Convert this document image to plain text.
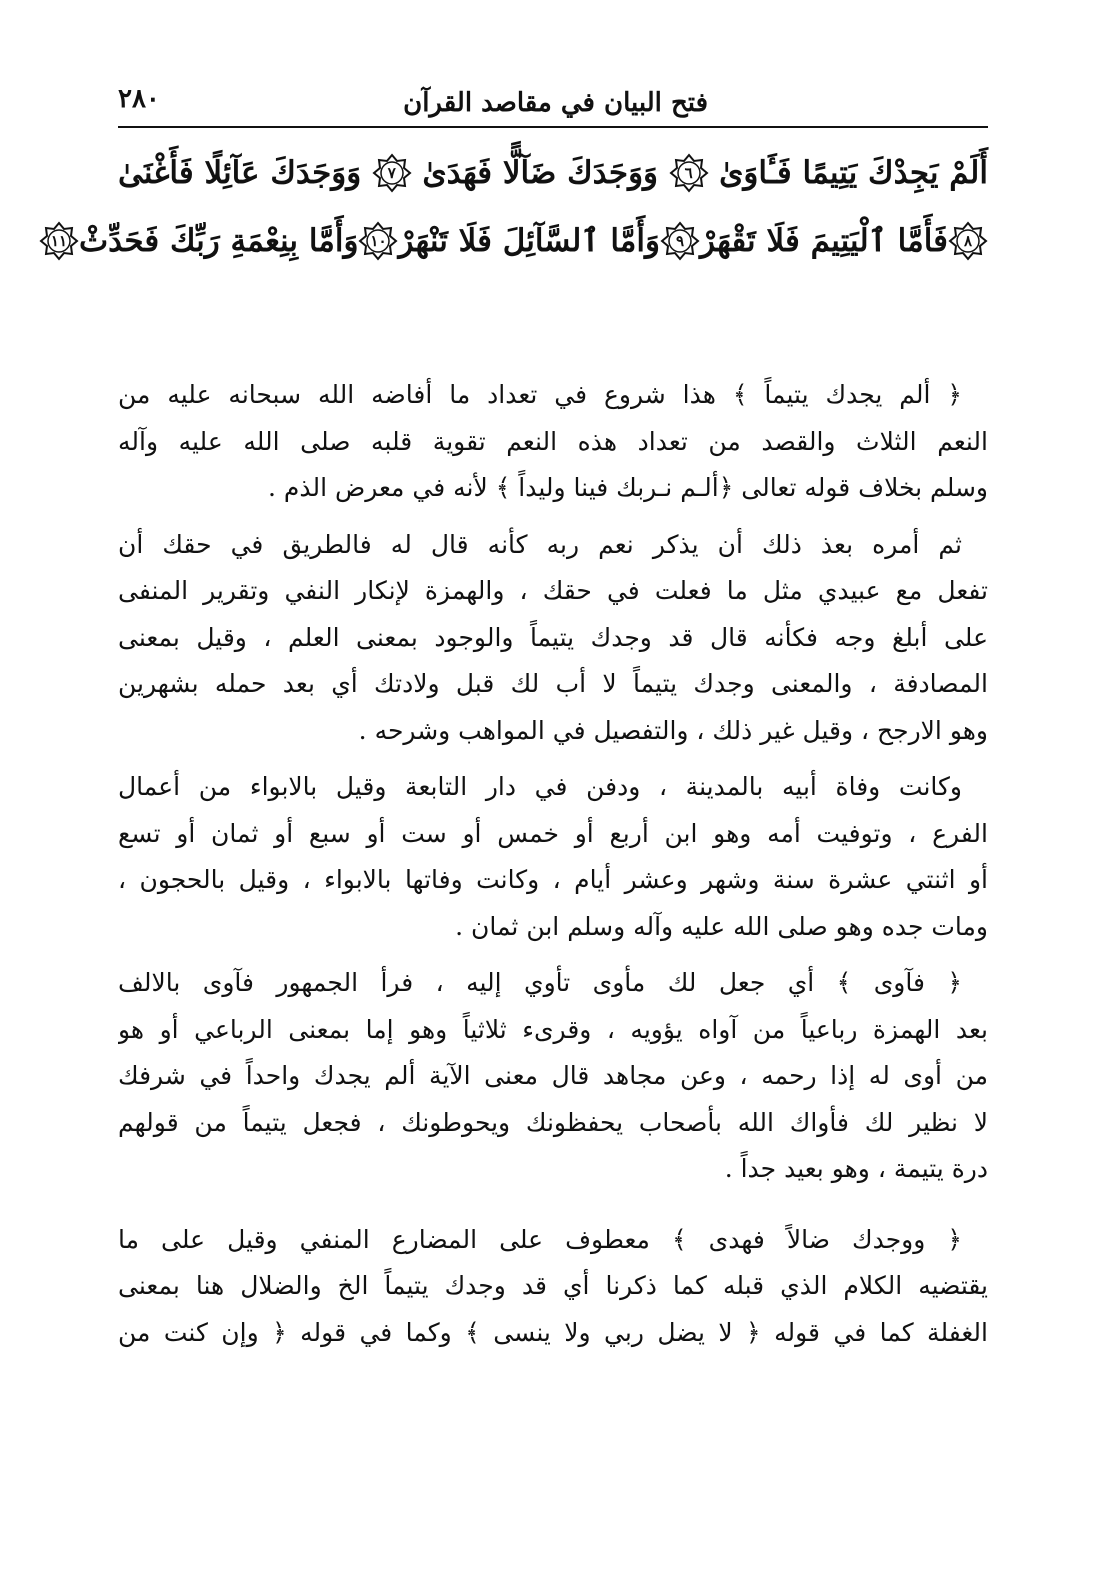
فتح البيان في مقاصد القرآن
٢٨٠
أَلَمْ يَجِدْكَ يَتِيمًا فَـَٔاوَىٰ
٦
وَوَجَدَكَ ضَآلًّا فَهَدَىٰ
٧
وَوَجَدَكَ عَآئِلًا فَأَغْنَىٰ
٨
فَأَمَّا ٱلْيَتِيمَ فَلَا تَقْهَرْ
٩
وَأَمَّا ٱلسَّآئِلَ فَلَا تَنْهَرْ
١٠
وَأَمَّا بِنِعْمَةِ رَبِّكَ فَحَدِّثْ
١١
﴿ ألم يجدك يتيماً ﴾ هذا شروع في تعداد ما أفاضه الله سبحانه عليه من
النعم الثلاث والقصد من تعداد هذه النعم تقوية قلبه صلى الله عليه وآله
وسلم بخلاف قوله تعالى ﴿ألـم نـربك فينا وليداً ﴾ لأنه في معرض الذم .
ثم أمره بعذ ذلك أن يذكر نعم ربه كأنه قال له فالطريق في حقك أن
تفعل مع عبيدي مثل ما فعلت في حقك ، والهمزة لإنكار النفي وتقرير المنفى
على أبلغ وجه فكأنه قال قد وجدك يتيماً والوجود بمعنى العلم ، وقيل بمعنى
المصادفة ، والمعنى وجدك يتيماً لا أب لك قبل ولادتك أي بعد حمله بشهرين
وهو الارجح ، وقيل غير ذلك ، والتفصيل في المواهب وشرحه .
وكانت وفاة أبيه بالمدينة ، ودفن في دار التابعة وقيل بالابواء من أعمال
الفرع ، وتوفيت أمه وهو ابن أربع أو خمس أو ست أو سبع أو ثمان أو تسع
أو اثنتي عشرة سنة وشهر وعشر أيام ، وكانت وفاتها بالابواء ، وقيل بالحجون ،
ومات جده وهو صلى الله عليه وآله وسلم ابن ثمان .
﴿ فآوى ﴾ أي جعل لك مأوى تأوي إليه ، فرأ الجمهور فآوى بالالف
بعد الهمزة رباعياً من آواه يؤويه ، وقرىء ثلاثياً وهو إما بمعنى الرباعي أو هو
من أوى له إذا رحمه ، وعن مجاهد قال معنى الآية ألم يجدك واحداً في شرفك
لا نظير لك فأواك الله بأصحاب يحفظونك ويحوطونك ، فجعل يتيماً من قولهم
درة يتيمة ، وهو بعيد جداً .
﴿ ووجدك ضالاً فهدى ﴾ معطوف على المضارع المنفي وقيل على ما
يقتضيه الكلام الذي قبله كما ذكرنا أي قد وجدك يتيماً الخ والضلال هنا بمعنى
الغفلة كما في قوله ﴿ لا يضل ربي ولا ينسى ﴾ وكما في قوله ﴿ وإن كنت من
